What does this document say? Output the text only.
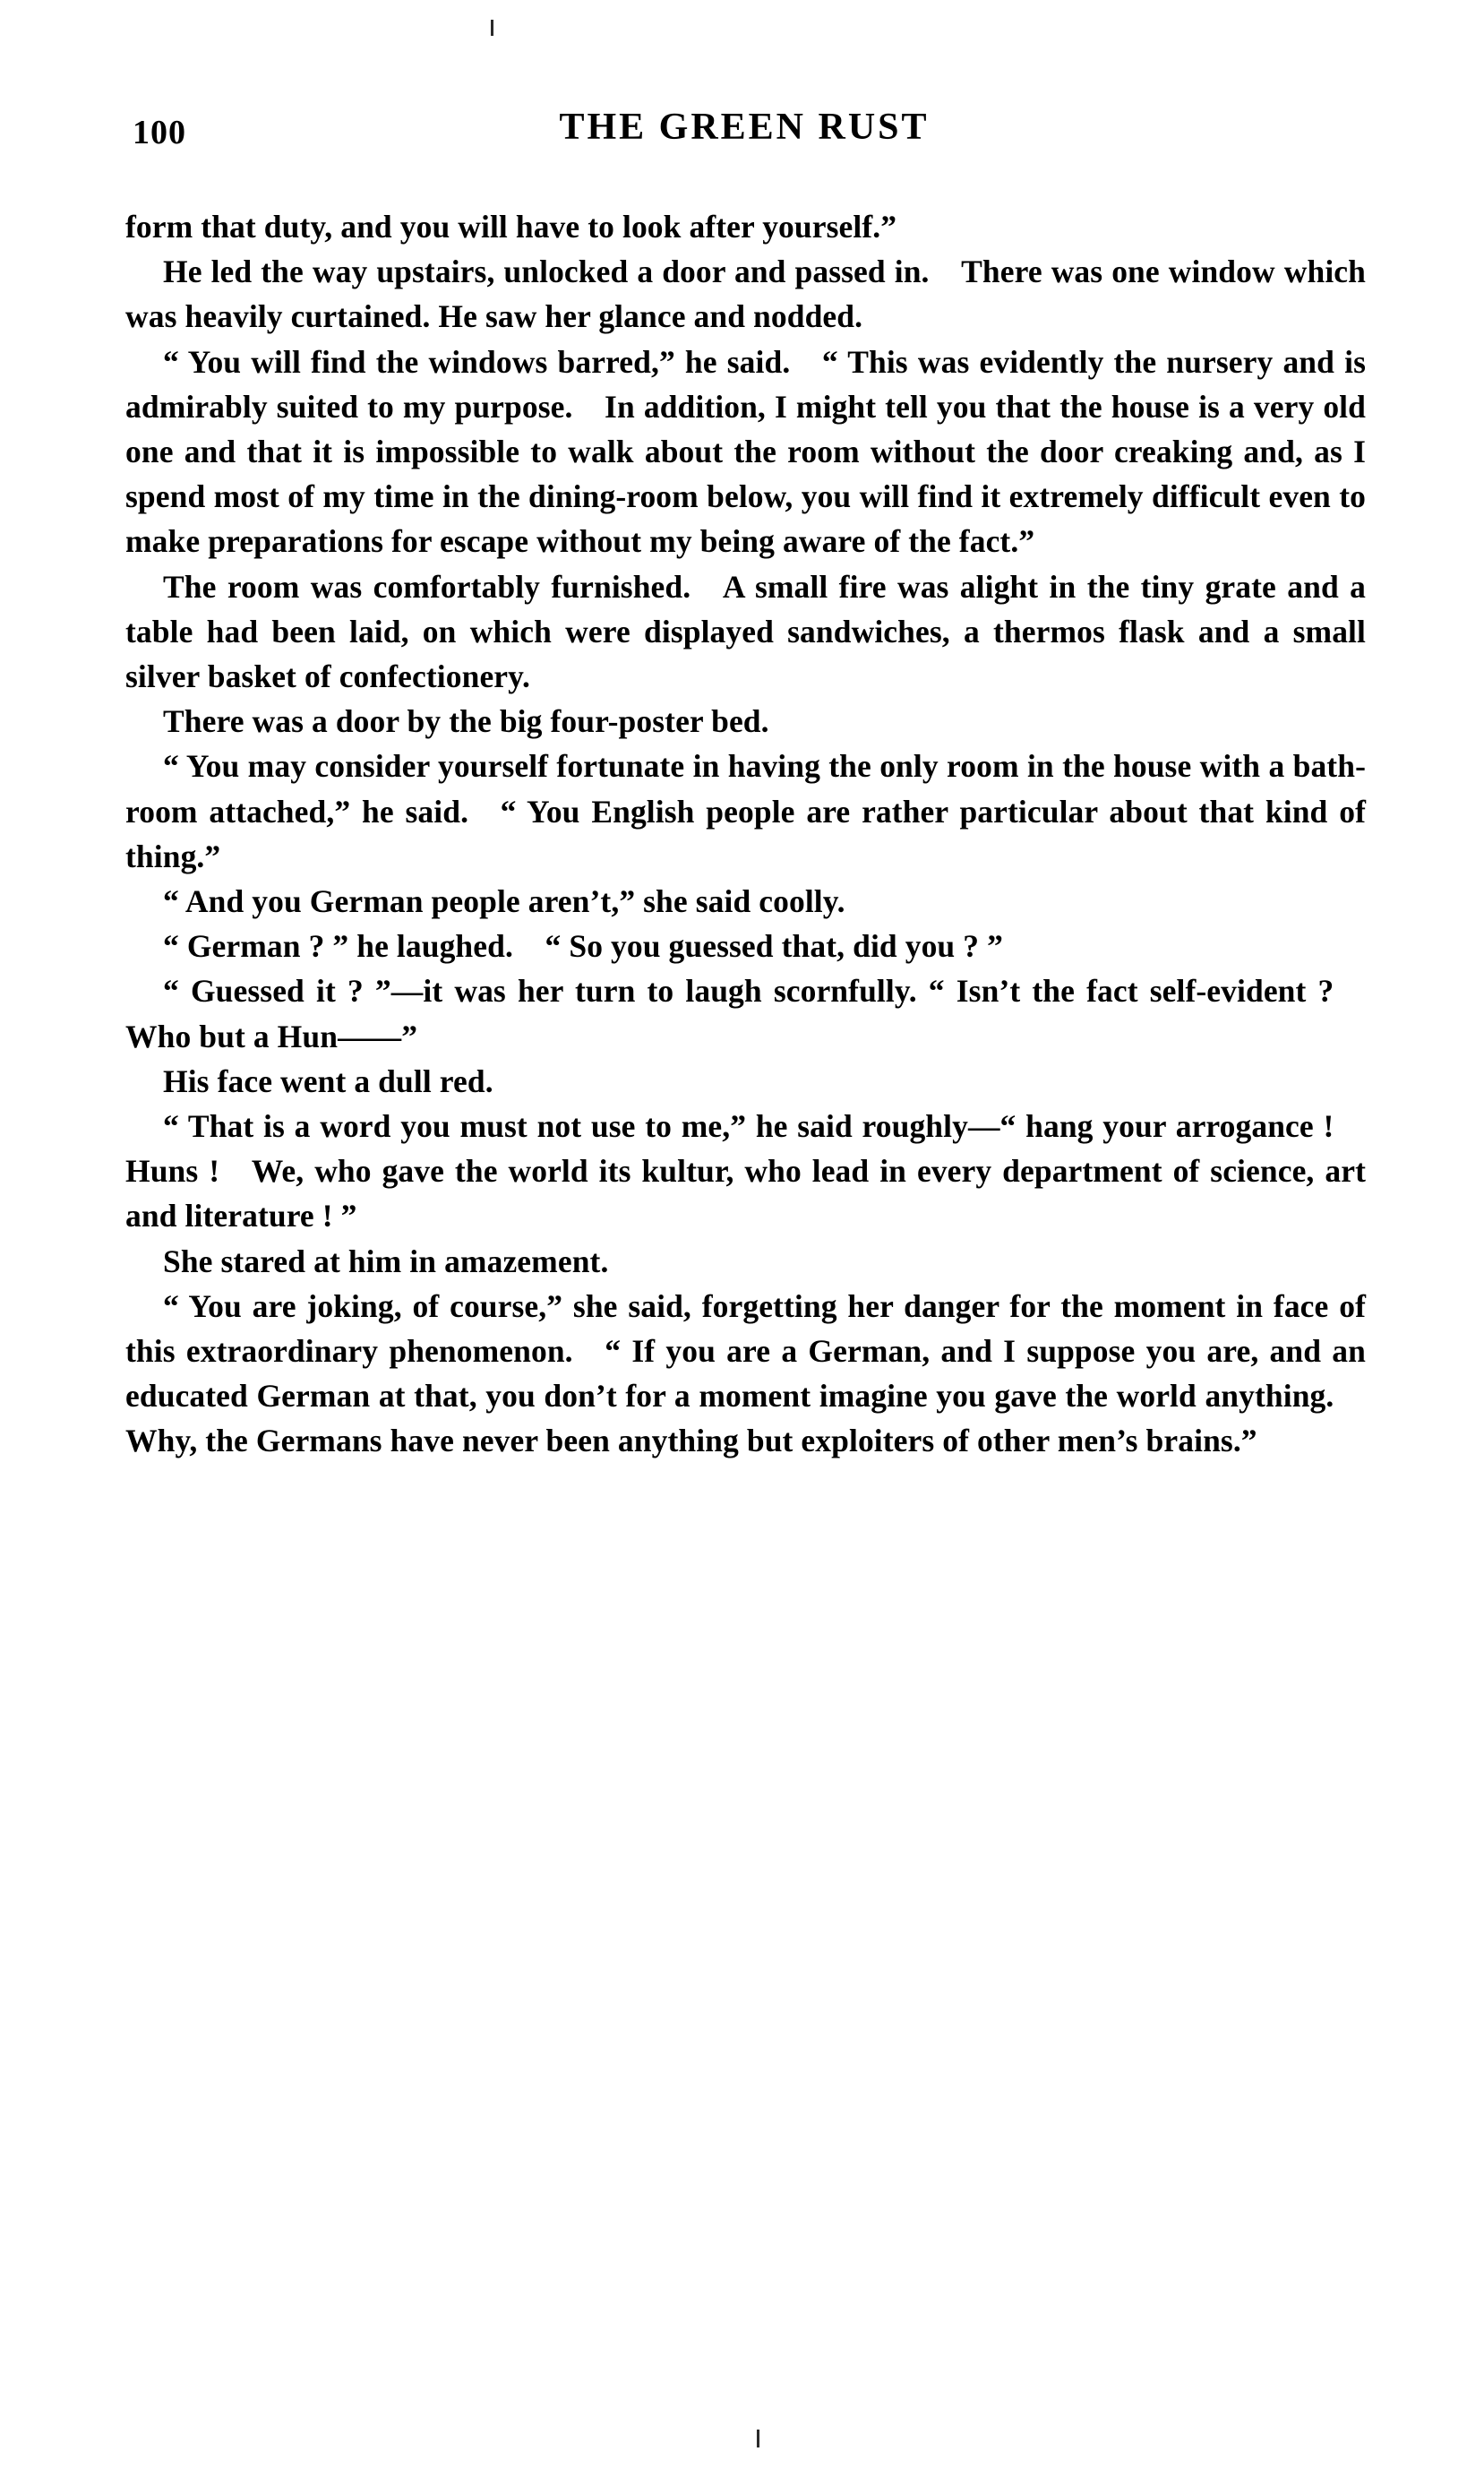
100	THE GREEN RUST

form that duty, and you will have to look after yourself.”

He led the way upstairs, unlocked a door and passed in. There was one window which was heavily curtained. He saw her glance and nodded.

“ You will find the windows barred,” he said. “ This was evidently the nursery and is admirably suited to my purpose. In addition, I might tell you that the house is a very old one and that it is impossible to walk about the room without the door creaking and, as I spend most of my time in the dining-room below, you will find it extremely difficult even to make preparations for escape without my being aware of the fact.”

The room was comfortably furnished. A small fire was alight in the tiny grate and a table had been laid, on which were displayed sandwiches, a thermos flask and a small silver basket of confectionery.

There was a door by the big four-poster bed.

“ You may consider yourself fortunate in having the only room in the house with a bath-room attached,” he said. “ You English people are rather particular about that kind of thing.”

“ And you German people aren’t,” she said coolly.

“ German ? ” he laughed. “ So you guessed that, did you ? ”

“ Guessed it ? ”—it was her turn to laugh scornfully. “ Isn’t the fact self-evident ? Who but a Hun——”

His face went a dull red.

“ That is a word you must not use to me,” he said roughly—“ hang your arrogance ! Huns ! We, who gave the world its kultur, who lead in every department of science, art and literature ! ”

She stared at him in amazement.

“ You are joking, of course,” she said, forgetting her danger for the moment in face of this extraordinary phenomenon. “ If you are a German, and I suppose you are, and an educated German at that, you don’t for a moment imagine you gave the world anything. Why, the Germans have never been anything but exploiters of other men’s brains.”
